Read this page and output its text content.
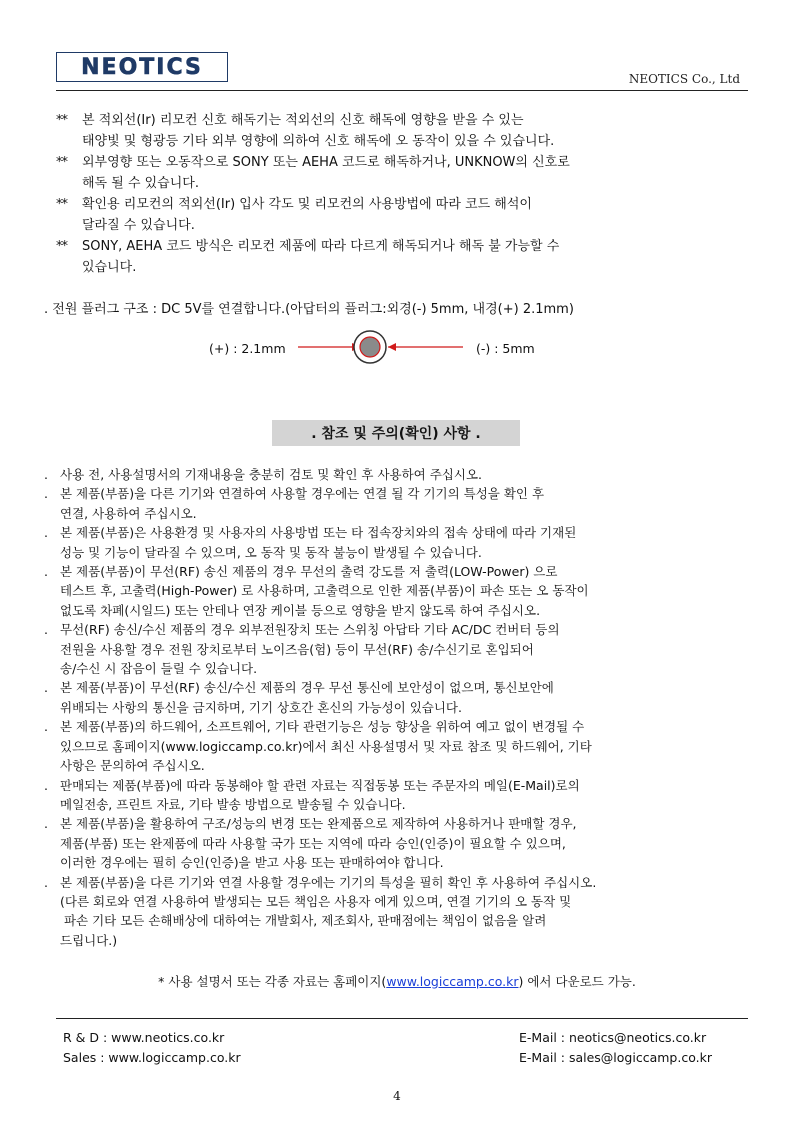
NEOTICS	NEOTICS Co., Ltd
**	본 적외선(Ir) 리모컨 신호 해독기는 적외선의 신호 해독에 영향을 받을 수 있는
태양빛 및 형광등 기타 외부 영향에 의하여 신호 해독에 오 동작이 있을 수 있습니다.
**	외부영향 또는 오동작으로 SONY 또는 AEHA 코드로 해독하거나, UNKNOW의 신호로
해독 될 수 있습니다.
**	확인용 리모컨의 적외선(Ir) 입사 각도 및 리모컨의 사용방법에 따라 코드 해석이
달라질 수 있습니다.
**	SONY, AEHA 코드 방식은 리모컨 제품에 따라 다르게 해독되거나 해독 불 가능할 수
있습니다.
. 전원 플러그 구조 : DC 5V를 연결합니다.(아답터의 플러그:외경(-) 5mm, 내경(+) 2.1mm)
(+) : 2.1mm	(-) : 5mm
. 참조 및 주의(확인) 사항 .
. 사용 전, 사용설명서의 기재내용을 충분히 검토 및 확인 후 사용하여 주십시오.
. 본 제품(부품)을 다른 기기와 연결하여 사용할 경우에는 연결 될 각 기기의 특성을 확인 후
연결, 사용하여 주십시오.
. 본 제품(부품)은 사용환경 및 사용자의 사용방법 또는 타 접속장치와의 접속 상태에 따라 기재된
성능 및 기능이 달라질 수 있으며, 오 동작 및 동작 불능이 발생될 수 있습니다.
. 본 제품(부품)이 무선(RF) 송신 제품의 경우 무선의 출력 강도를 저 출력(LOW-Power) 으로
테스트 후, 고출력(High-Power) 로 사용하며, 고출력으로 인한 제품(부품)이 파손 또는 오 동작이
없도록 차폐(시일드) 또는 안테나 연장 케이블 등으로 영향을 받지 않도록 하여 주십시오.
. 무선(RF) 송신/수신 제품의 경우 외부전원장치 또는 스위칭 아답타 기타 AC/DC 컨버터 등의
전원을 사용할 경우 전원 장치로부터 노이즈음(험) 등이 무선(RF) 송/수신기로 혼입되어
송/수신 시 잡음이 들릴 수 있습니다.
. 본 제품(부품)이 무선(RF) 송신/수신 제품의 경우 무선 통신에 보안성이 없으며, 통신보안에
위배되는 사항의 통신을 금지하며, 기기 상호간 혼신의 가능성이 있습니다.
. 본 제품(부품)의 하드웨어, 소프트웨어, 기타 관련기능은 성능 향상을 위하여 예고 없이 변경될 수
있으므로 홈페이지(www.logiccamp.co.kr)에서 최신 사용설명서 및 자료 참조 및 하드웨어, 기타
사항은 문의하여 주십시오.
. 판매되는 제품(부품)에 따라 동봉해야 할 관련 자료는 직접동봉 또는 주문자의 메일(E-Mail)로의
메일전송, 프린트 자료, 기타 발송 방법으로 발송될 수 있습니다.
. 본 제품(부품)을 활용하여 구조/성능의 변경 또는 완제품으로 제작하여 사용하거나 판매할 경우,
제품(부품) 또는 완제품에 따라 사용할 국가 또는 지역에 따라 승인(인증)이 필요할 수 있으며,
이러한 경우에는 필히 승인(인증)을 받고 사용 또는 판매하여야 합니다.
. 본 제품(부품)을 다른 기기와 연결 사용할 경우에는 기기의 특성을 필히 확인 후 사용하여 주십시오.
(다른 회로와 연결 사용하여 발생되는 모든 책임은 사용자 에게 있으며, 연결 기기의 오 동작 및
파손 기타 모든 손해배상에 대하여는 개발회사, 제조회사, 판매점에는 책임이 없음을 알려
드립니다.)
* 사용 설명서 또는 각종 자료는 홈페이지(www.logiccamp.co.kr) 에서 다운로드 가능.
R & D : www.neotics.co.kr
Sales : www.logiccamp.co.kr
E-Mail : neotics@neotics.co.kr
E-Mail : sales@logiccamp.co.kr
4
